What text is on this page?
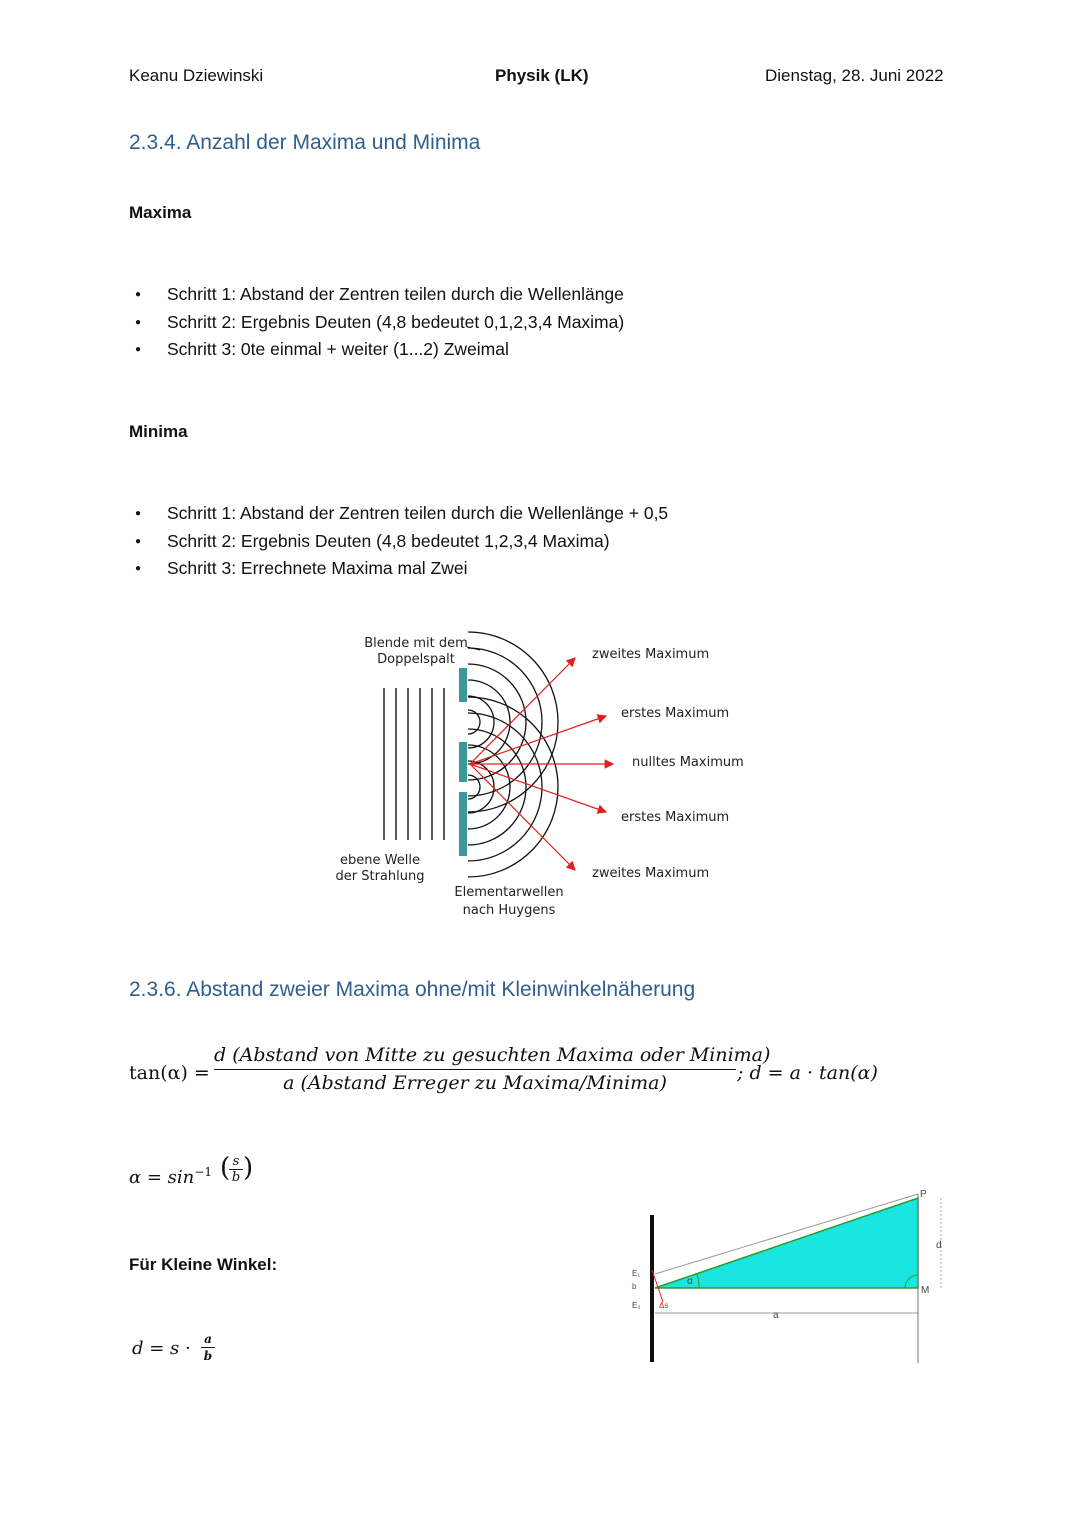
Keanu Dziewinski	Physik (LK)	Dienstag, 28. Juni 2022
2.3.4. Anzahl der Maxima und Minima
Maxima
● Schritt 1: Abstand der Zentren teilen durch die Wellenlänge
● Schritt 2: Ergebnis Deuten (4,8 bedeutet 0,1,2,3,4 Maxima)
● Schritt 3: 0te einmal + weiter (1...2) Zweimal
Minima
● Schritt 1: Abstand der Zentren teilen durch die Wellenlänge + 0,5
● Schritt 2: Ergebnis Deuten (4,8 bedeutet 1,2,3,4 Maxima)
● Schritt 3: Errechnete Maxima mal Zwei
Blende mit dem
Doppelspalt
ebene Welle
der Strahlung
Elementarwellen
nach Huygens
zweites Maximum
erstes Maximum
nulltes Maximum
erstes Maximum
zweites Maximum
2.3.6. Abstand zweier Maxima ohne/mit Kleinwinkelnäherung
tan(α) =
d (Abstand von Mitte zu gesuchten Maxima oder Minima)
a (Abstand Erreger zu Maxima/Minima)	; d = a · tan(α)
$\alpha = \sin^{-1}$ ( s
b )
Für Kleine Winkel:
d = s · a
b
P
M
d
a
α
E₁
b
E₂ Δs
